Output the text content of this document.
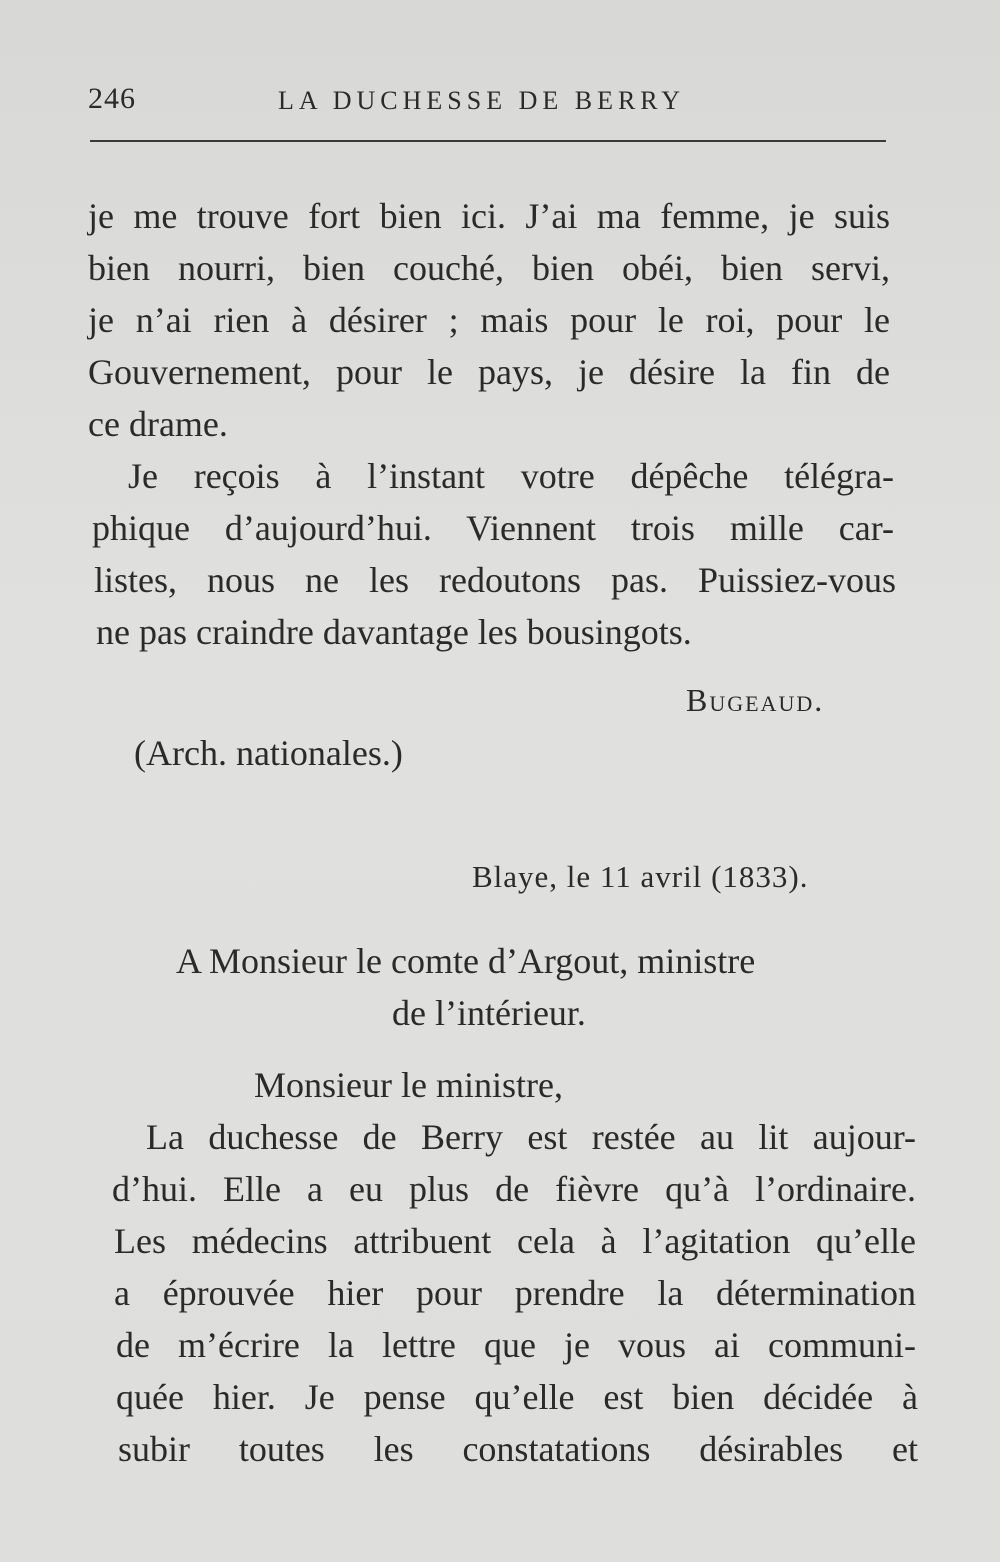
246	LA DUCHESSE DE BERRY
je me trouve fort bien ici. J’ai ma femme, je suis
bien nourri, bien couché, bien obéi, bien servi,
je n’ai rien à désirer ; mais pour le roi, pour le
Gouvernement, pour le pays, je désire la fin de
ce drame.
Je reçois à l’instant votre dépêche télégra-
phique d’aujourd’hui. Viennent trois mille car-
listes, nous ne les redoutons pas. Puissiez-vous
ne pas craindre davantage les bousingots.
Bugeaud.
(Arch. nationales.)
Blaye, le 11 avril (1833).
A Monsieur le comte d’Argout, ministre
de l’intérieur.
Monsieur le ministre,
La duchesse de Berry est restée au lit aujour-
d’hui. Elle a eu plus de fièvre qu’à l’ordinaire.
Les médecins attribuent cela à l’agitation qu’elle
a éprouvée hier pour prendre la détermination
de m’écrire la lettre que je vous ai communi-
quée hier. Je pense qu’elle est bien décidée à
subir toutes les constatations désirables et
